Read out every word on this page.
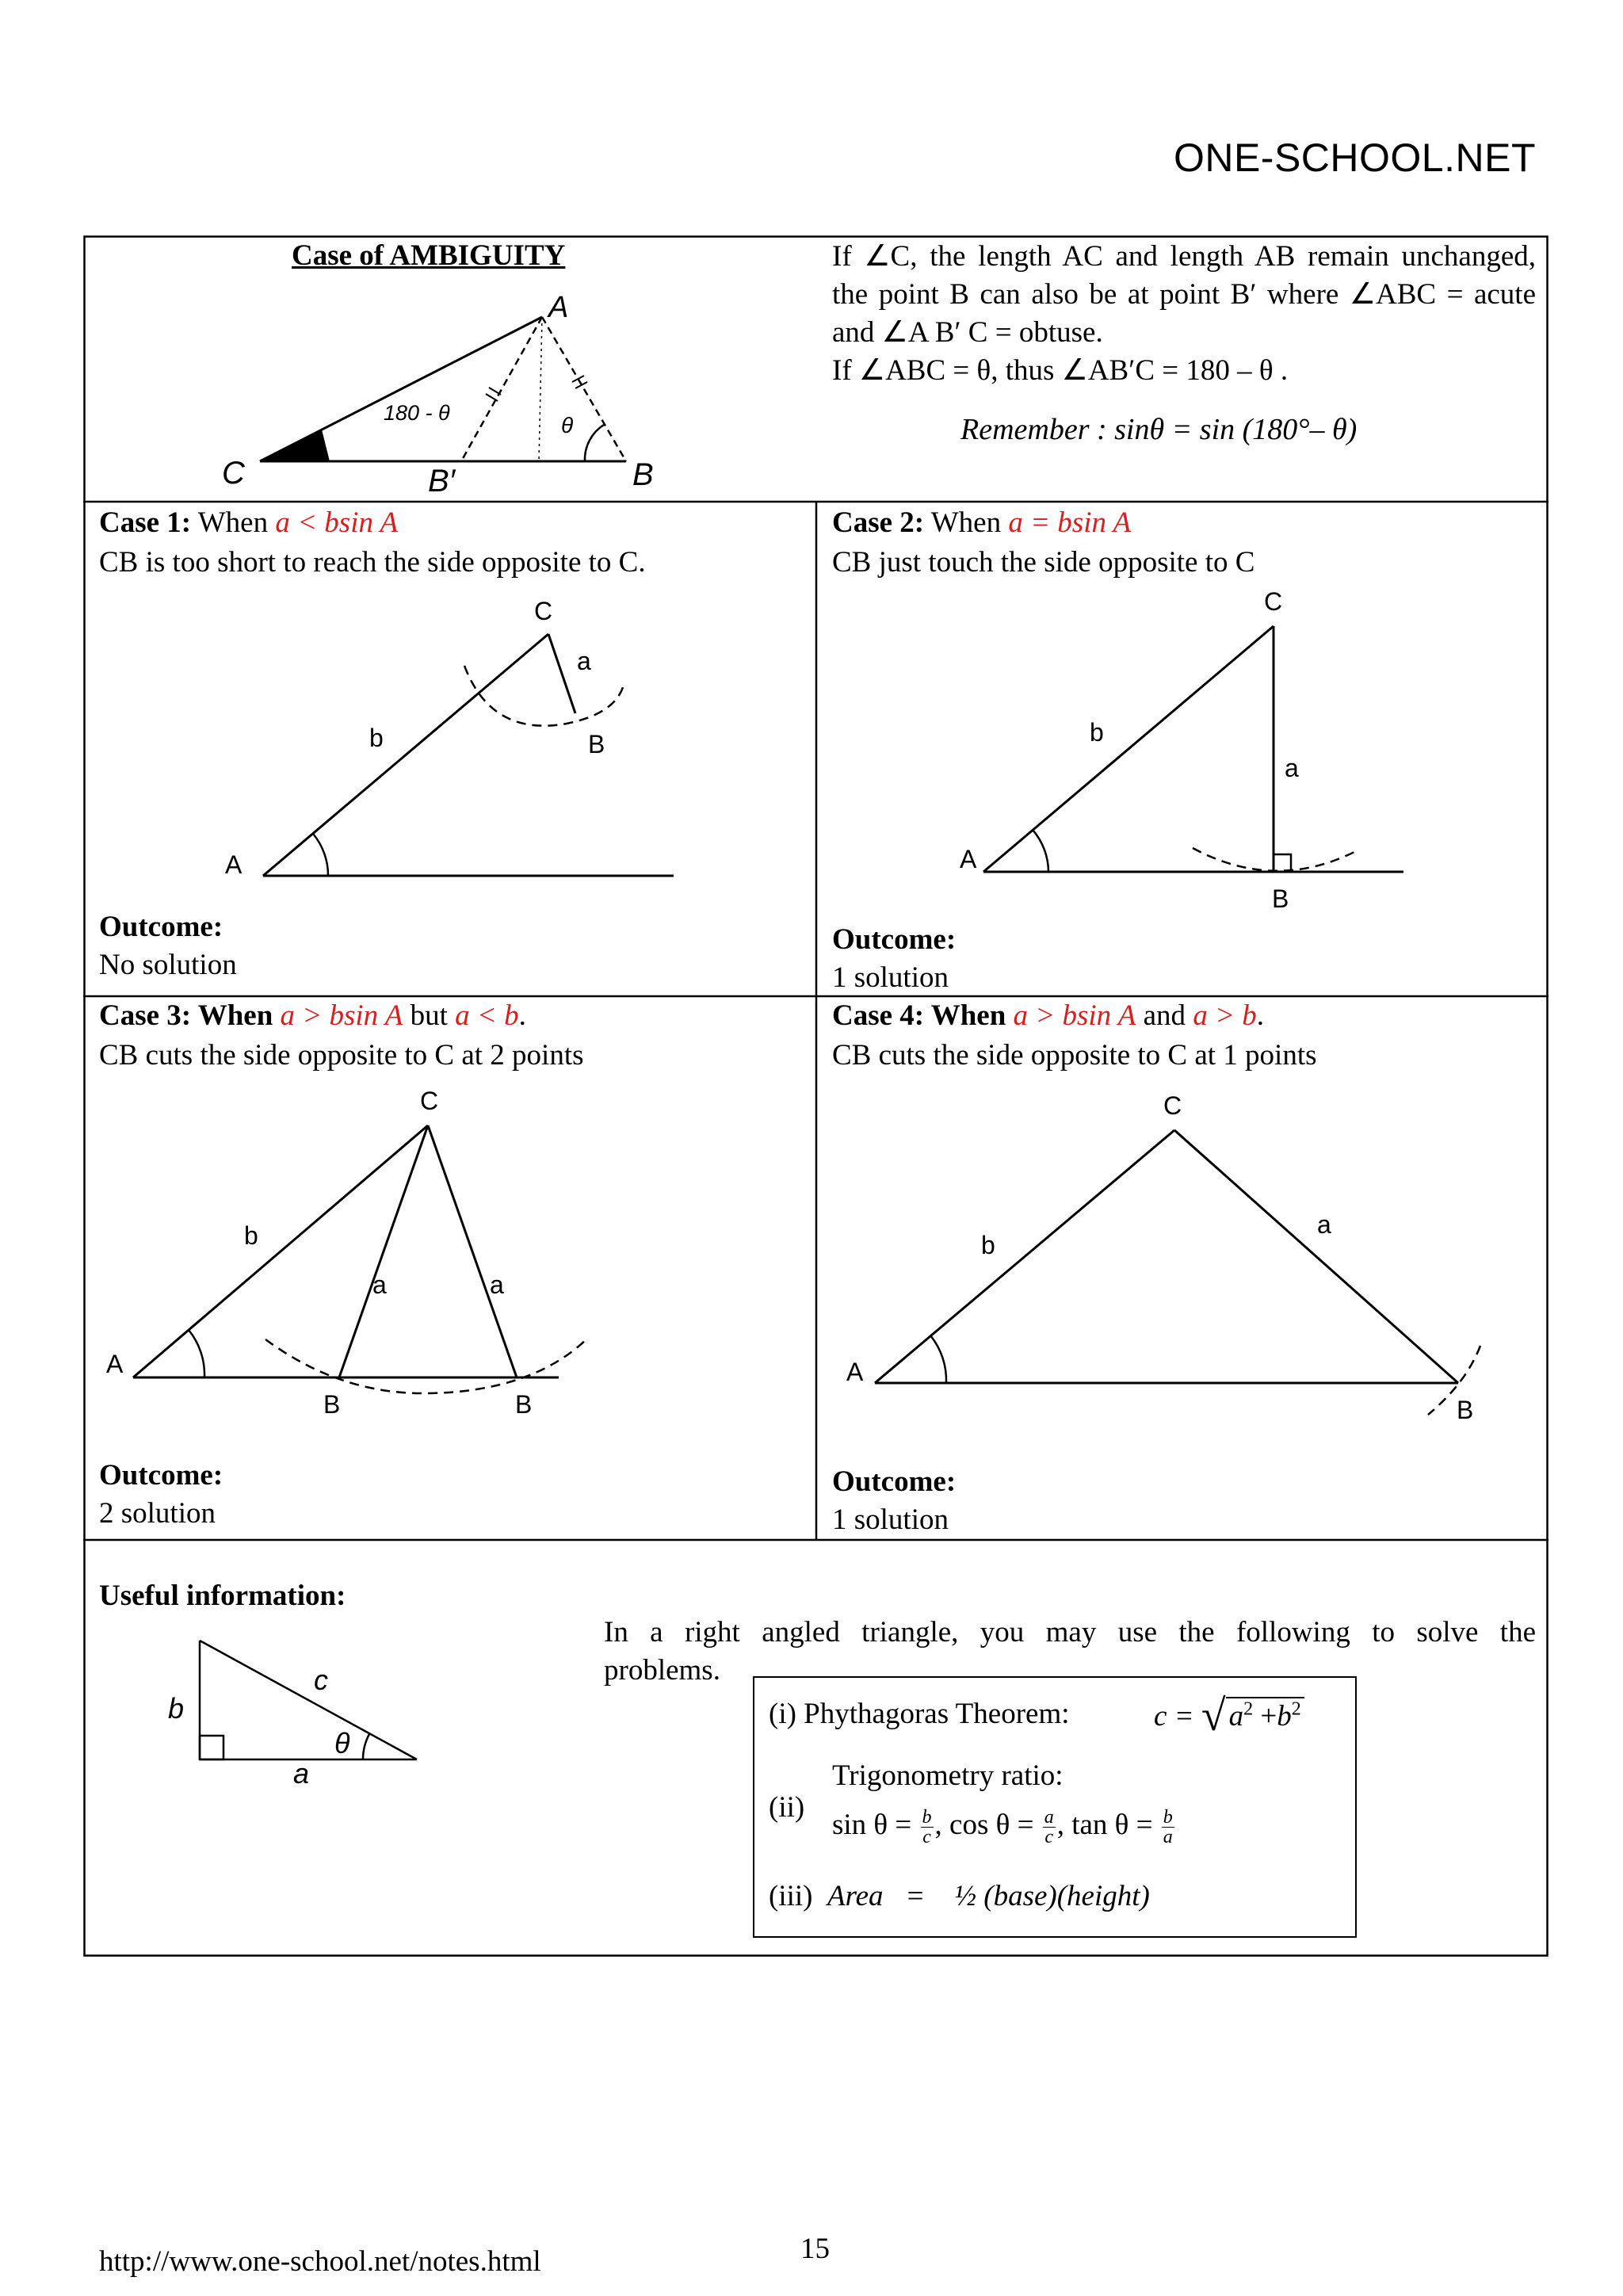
ONE-SCHOOL.NET
Case of AMBIGUITY
A
180 - θ	θ
C	B′	B
If ∠C, the length AC and length AB remain unchanged,
the point B can also be at point B′ where ∠ABC = acute
and ∠A B′ C = obtuse.
If ∠ABC = θ, thus ∠AB′C = 180 – θ .
Remember : sinθ = sin (180°– θ)
Case 1: When a < bsin A
CB is too short to reach the side opposite to C.
C
a
b	B
A
Outcome:
No solution
Case 2: When a = bsin A
CB just touch the side opposite to C
C
b
a
A
B
Outcome:
1 solution
Case 3: When a > bsin A but a < b.
CB cuts the side opposite to C at 2 points
C
b
a	a
A
B	B
Outcome:
2 solution
Case 4: When a > bsin A and a > b.
CB cuts the side opposite to C at 1 points
C
b
a
A
B
Outcome:
1 solution
Useful information:
b
c
θ
a
In a right angled triangle, you may use the following to solve the
problems.
(i) Phythagoras Theorem:	c = √ $a^2 +b^2$
(ii)
Trigonometry ratio:
$\sin \theta = \frac{b}{c}$ , $\cos \theta = \frac{a}{c}$ , $\tan \theta = \frac{b}{a}$
(iii) Area   =    ½ (base)(height)
15
http://www.one-school.net/notes.html
